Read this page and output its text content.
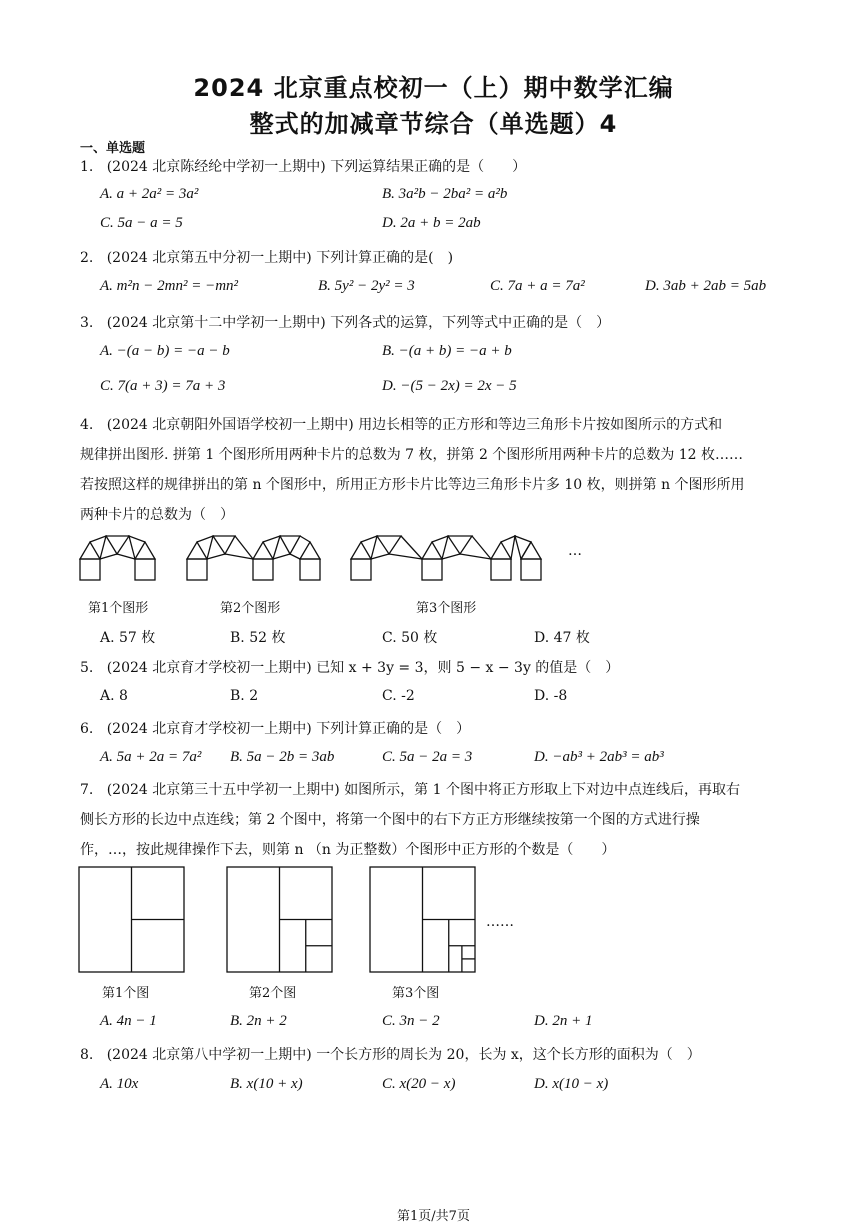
2024 北京重点校初一（上）期中数学汇编
整式的加减章节综合（单选题）4
一、单选题
1. (2024 北京陈经纶中学初一上期中) 下列运算结果正确的是（　　）
A. a + 2a² = 3a²	B. 3a²b − 2ba² = a²b
C. 5a − a = 5	D. 2a + b = 2ab
2. (2024 北京第五中分初一上期中) 下列计算正确的是(　)
A. m²n − 2mn² = −mn²	B. 5y² − 2y² = 3	C. 7a + a = 7a²	D. 3ab + 2ab = 5ab
3. (2024 北京第十二中学初一上期中) 下列各式的运算，下列等式中正确的是（　）
A. −(a − b) = −a − b	B. −(a + b) = −a + b
C. 7(a + 3) = 7a + 3	D. −(5 − 2x) = 2x − 5
4. (2024 北京朝阳外国语学校初一上期中) 用边长相等的正方形和等边三角形卡片按如图所示的方式和
规律拼出图形. 拼第 1 个图形所用两种卡片的总数为 7 枚，拼第 2 个图形所用两种卡片的总数为 12 枚……
若按照这样的规律拼出的第 n 个图形中，所用正方形卡片比等边三角形卡片多 10 枚，则拼第 n 个图形所用
两种卡片的总数为（　）
…
第1个图形	第2个图形	第3个图形
A. 57 枚	B. 52 枚	C. 50 枚	D. 47 枚
5. (2024 北京育才学校初一上期中) 已知 x + 3y = 3，则 5 − x − 3y 的值是（　）
A. 8	B. 2	C. -2	D. -8
6. (2024 北京育才学校初一上期中) 下列计算正确的是（　）
A. 5a + 2a = 7a² B. 5a − 2b = 3ab	C. 5a − 2a = 3	D. −ab³ + 2ab³ = ab³
7. (2024 北京第三十五中学初一上期中) 如图所示，第 1 个图中将正方形取上下对边中点连线后，再取右
侧长方形的长边中点连线；第 2 个图中，将第一个图中的右下方正方形继续按第一个图的方式进行操
作，…，按此规律操作下去，则第 n （n 为正整数）个图形中正方形的个数是（　　）
……
第1个图	第2个图	第3个图
A. 4n − 1	B. 2n + 2	C. 3n − 2	D. 2n + 1
8. (2024 北京第八中学初一上期中) 一个长方形的周长为 20，长为 x，这个长方形的面积为（　）
A. 10x	B. x(10 + x)	C. x(20 − x)	D. x(10 − x)
第1页/共7页
